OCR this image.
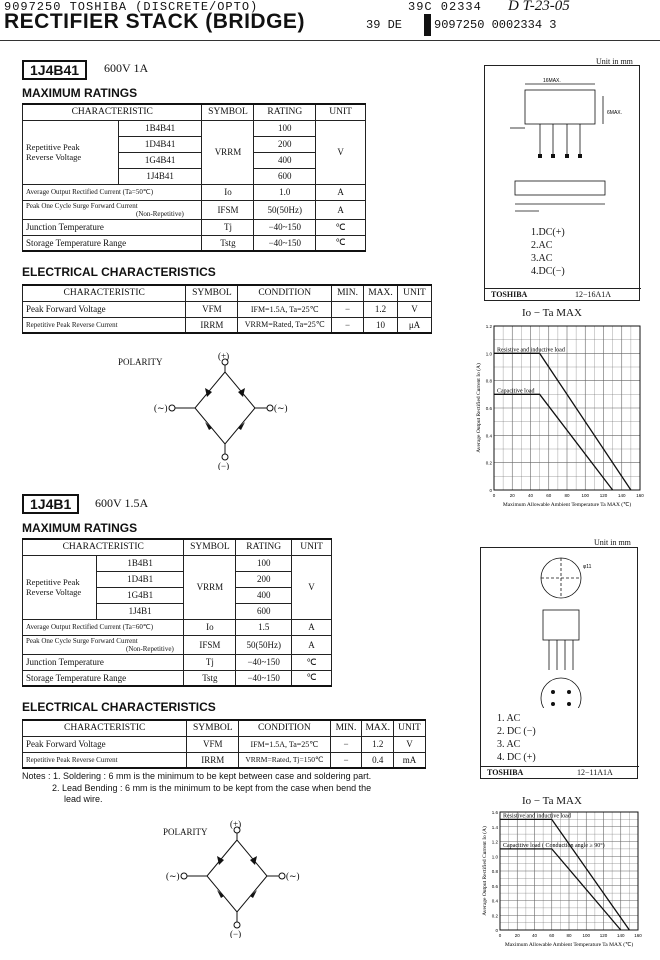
9097250 TOSHIBA (DISCRETE/OPTO)	39C 02334 D T-23-05
RECTIFIER STACK (BRIDGE)	39 DE	9097250 0002334 3
1J4B41	600V 1A
MAXIMUM RATINGS
CHARACTERISTIC		SYMBOL	RATING	UNIT
Repetitive Peak
Reverse Voltage	1B4B41	VRRM	100	V
	1D4B41		200	
	1G4B41		400	
	1J4B41		600	
Average Output Rectified Current (Ta=50℃)		Io	1.0	A
Peak One Cycle Surge Forward Current
(Non-Repetitive)		IFSM	50(50Hz)	A
Junction Temperature		Tj	−40~150	℃
Storage Temperature Range		Tstg	−40~150	℃
ELECTRICAL CHARACTERISTICS
CHARACTERISTIC	SYMBOL	CONDITION	MIN.	MAX.	UNIT
Peak Forward Voltage	VFM	IFM=1.5A, Ta=25℃	−	1.2	V
Repetitive Peak Reverse Current	IRRM	VRRM=Rated, Ta=25℃	−	10	μA
POLARITY
(+)
(−)
(∼)	(∼)
16MAX.
6MAX.
1.DC(+)
2.AC
3.AC
4.DC(−)
TOSHIBA	12−16A1A
Unit in mm
Io − Ta MAX
0	20	40	60	80	100 120 140 160
0
0.2
0.4
0.6
0.8
1.0
1.2
Resistive and inductive load
Capacitive load
Maximum Allowable Ambient Temperature Ta MAX (℃)
Average Output Rectified Current Io (A)
1J4B1	600V 1.5A
MAXIMUM RATINGS
CHARACTERISTIC		SYMBOL	RATING	UNIT
Repetitive Peak
Reverse Voltage	1B4B1	VRRM	100	V
	1D4B1		200	
	1G4B1		400	
	1J4B1		600	
Average Output Rectified Current (Ta=60℃)		Io	1.5	A
Peak One Cycle Surge Forward Current
(Non-Repetitive)		IFSM	50(50Hz)	A
Junction Temperature		Tj	−40~150	℃
Storage Temperature Range		Tstg	−40~150	℃
ELECTRICAL CHARACTERISTICS
CHARACTERISTIC	SYMBOL	CONDITION	MIN.	MAX.	UNIT
Peak Forward Voltage	VFM	IFM=1.5A, Ta=25℃	−	1.2	V
Repetitive Peak Reverse Current	IRRM	VRRM=Rated, Tj=150℃	−	0.4	mA
Notes : 1. Soldering : 6 mm is the minimum to be kept between case and soldering part.
2. Lead Bending : 6 mm is the minimum to be kept from the case when bend the
lead wire.
POLARITY
(+)
(−)
(∼)	(∼)
φ11
1. AC
2. DC (−)
3. AC
4. DC (+)
TOSHIBA	12−11A1A
Unit in mm
Io − Ta MAX
0	20	40	60	80 100 120 140 160
0
0.2
0.4
0.6
0.8
1.0
1.2
1.4
1.6
Resistive and inductive load
Capacitive load ( Conduction angle ≥ 90°)
Maximum Allowable Ambient Temperature Ta MAX (℃)
Average Output Rectified Current Io (A)
